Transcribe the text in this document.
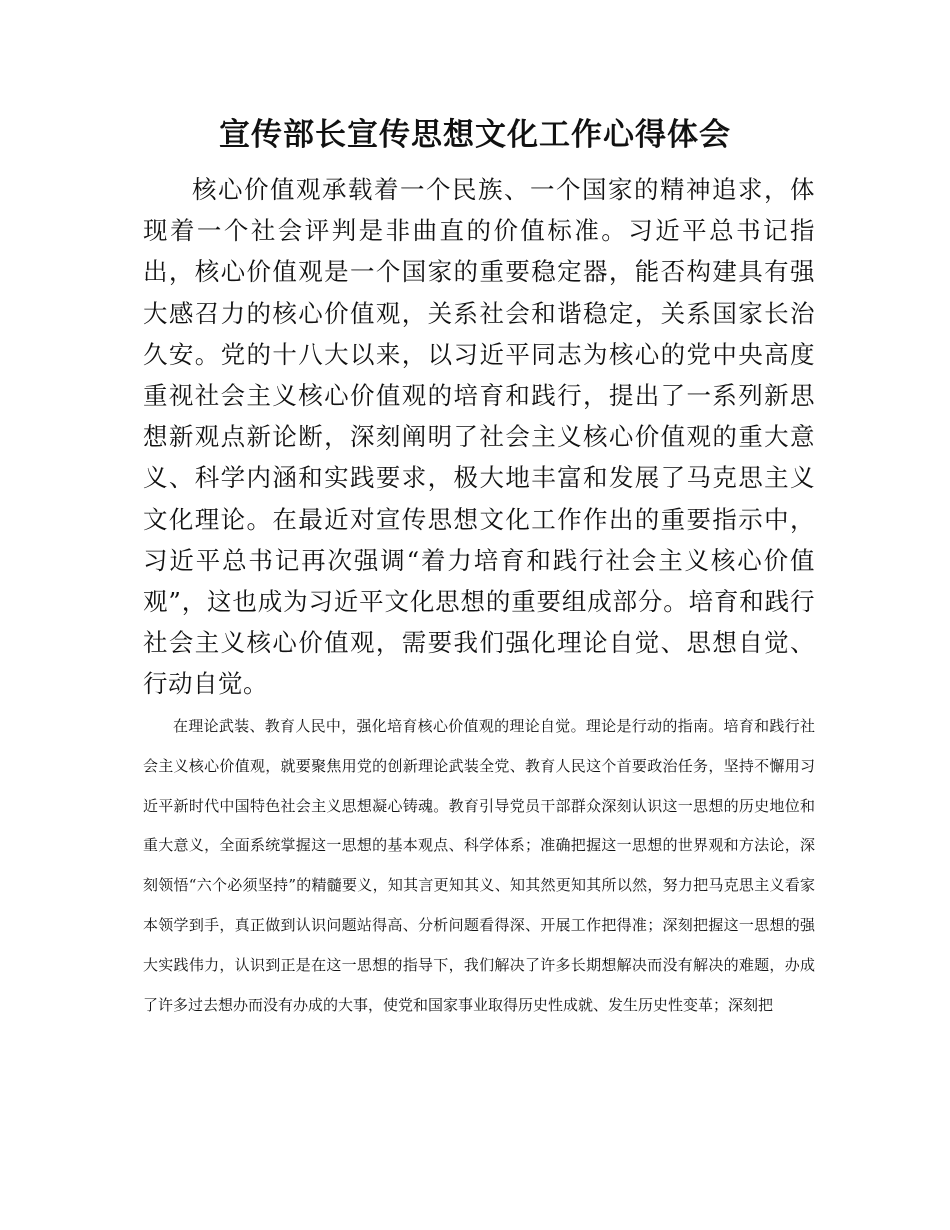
宣传部长宣传思想文化工作心得体会

核心价值观承载着一个民族、一个国家的精神追求，体现着一个社会评判是非曲直的价值标准。习近平总书记指出，核心价值观是一个国家的重要稳定器，能否构建具有强大感召力的核心价值观，关系社会和谐稳定，关系国家长治久安。党的十八大以来，以习近平同志为核心的党中央高度重视社会主义核心价值观的培育和践行，提出了一系列新思想新观点新论断，深刻阐明了社会主义核心价值观的重大意义、科学内涵和实践要求，极大地丰富和发展了马克思主义文化理论。在最近对宣传思想文化工作作出的重要指示中，习近平总书记再次强调“着力培育和践行社会主义核心价值观”，这也成为习近平文化思想的重要组成部分。培育和践行社会主义核心价值观，需要我们强化理论自觉、思想自觉、行动自觉。

在理论武装、教育人民中，强化培育核心价值观的理论自觉。理论是行动的指南。培育和践行社会主义核心价值观，就要聚焦用党的创新理论武装全党、教育人民这个首要政治任务，坚持不懈用习近平新时代中国特色社会主义思想凝心铸魂。教育引导党员干部群众深刻认识这一思想的历史地位和重大意义，全面系统掌握这一思想的基本观点、科学体系；准确把握这一思想的世界观和方法论，深刻领悟“六个必须坚持”的精髓要义，知其言更知其义、知其然更知其所以然，努力把马克思主义看家本领学到手，真正做到认识问题站得高、分析问题看得深、开展工作把得准；深刻把握这一思想的强大实践伟力，认识到正是在这一思想的指导下，我们解决了许多长期想解决而没有解决的难题，办成了许多过去想办而没有办成的大事，使党和国家事业取得历史性成就、发生历史性变革；深刻把
